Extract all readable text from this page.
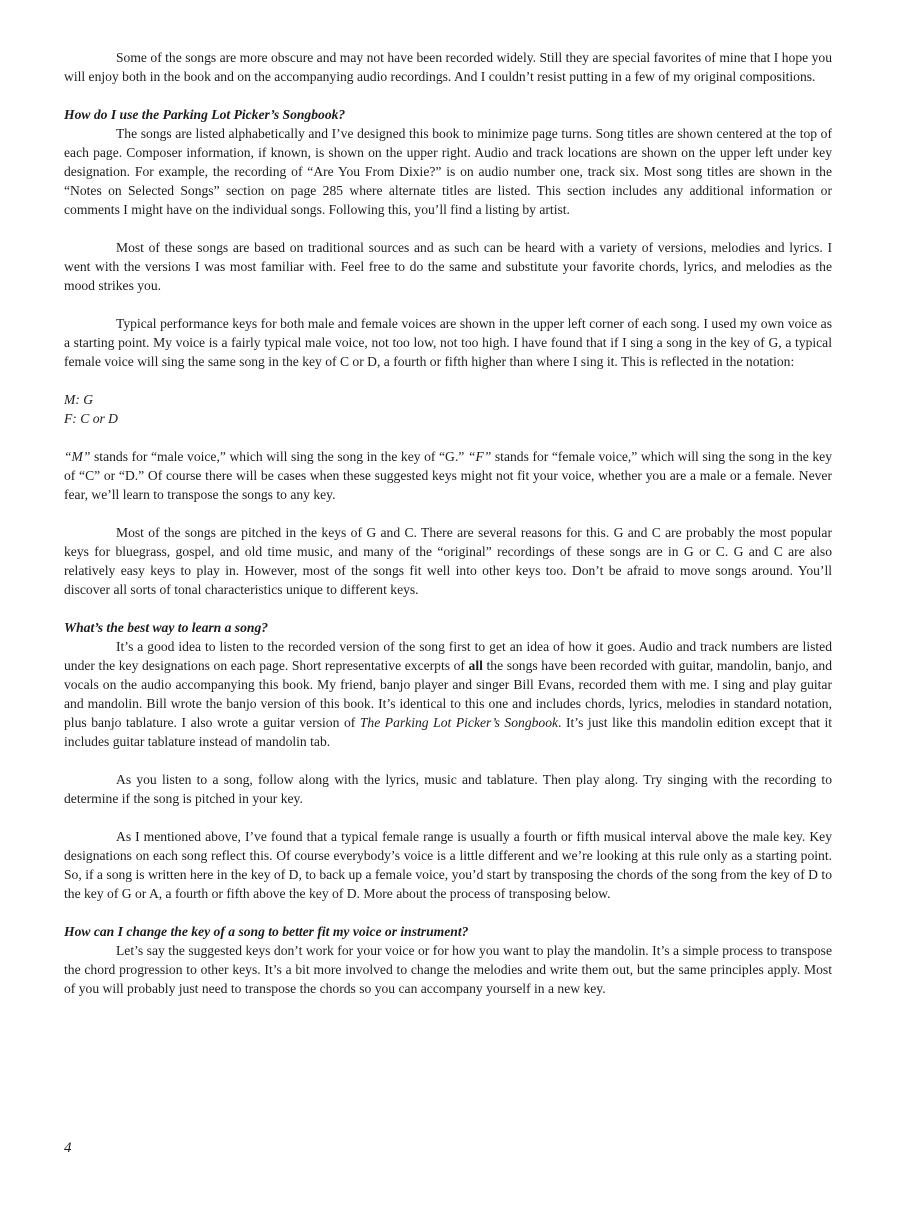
Some of the songs are more obscure and may not have been recorded widely. Still they are special favorites of mine that I hope you will enjoy both in the book and on the accompanying audio recordings. And I couldn’t resist putting in a few of my original compositions.

How do I use the Parking Lot Picker’s Songbook?

The songs are listed alphabetically and I’ve designed this book to minimize page turns. Song titles are shown centered at the top of each page. Composer information, if known, is shown on the upper right. Audio and track locations are shown on the upper left under key designation. For example, the recording of “Are You From Dixie?” is on audio number one, track six. Most song titles are shown in the “Notes on Selected Songs” section on page 285 where alternate titles are listed. This section includes any additional information or comments I might have on the individual songs. Following this, you’ll find a listing by artist.

Most of these songs are based on traditional sources and as such can be heard with a variety of versions, melodies and lyrics. I went with the versions I was most familiar with. Feel free to do the same and substitute your favorite chords, lyrics, and melodies as the mood strikes you.

Typical performance keys for both male and female voices are shown in the upper left corner of each song. I used my own voice as a starting point. My voice is a fairly typical male voice, not too low, not too high. I have found that if I sing a song in the key of G, a typical female voice will sing the same song in the key of C or D, a fourth or fifth higher than where I sing it. This is reflected in the notation:

M: G
F: C or D

“M” stands for “male voice,” which will sing the song in the key of “G.” “F” stands for “female voice,” which will sing the song in the key of “C” or “D.” Of course there will be cases when these suggested keys might not fit your voice, whether you are a male or a female. Never fear, we’ll learn to transpose the songs to any key.

Most of the songs are pitched in the keys of G and C. There are several reasons for this. G and C are probably the most popular keys for bluegrass, gospel, and old time music, and many of the “original” recordings of these songs are in G or C. G and C are also relatively easy keys to play in. However, most of the songs fit well into other keys too. Don’t be afraid to move songs around. You’ll discover all sorts of tonal characteristics unique to different keys.

What’s the best way to learn a song?

It’s a good idea to listen to the recorded version of the song first to get an idea of how it goes. Audio and track numbers are listed under the key designations on each page. Short representative excerpts of all the songs have been recorded with guitar, mandolin, banjo, and vocals on the audio accompanying this book. My friend, banjo player and singer Bill Evans, recorded them with me. I sing and play guitar and mandolin. Bill wrote the banjo version of this book. It’s identical to this one and includes chords, lyrics, melodies in standard notation, plus banjo tablature. I also wrote a guitar version of The Parking Lot Picker’s Songbook. It’s just like this mandolin edition except that it includes guitar tablature instead of mandolin tab.

As you listen to a song, follow along with the lyrics, music and tablature. Then play along. Try singing with the recording to determine if the song is pitched in your key.

As I mentioned above, I’ve found that a typical female range is usually a fourth or fifth musical interval above the male key. Key designations on each song reflect this. Of course everybody’s voice is a little different and we’re looking at this rule only as a starting point. So, if a song is written here in the key of D, to back up a female voice, you’d start by transposing the chords of the song from the key of D to the key of G or A, a fourth or fifth above the key of D. More about the process of transposing below.

How can I change the key of a song to better fit my voice or instrument?

Let’s say the suggested keys don’t work for your voice or for how you want to play the mandolin. It’s a simple process to transpose the chord progression to other keys. It’s a bit more involved to change the melodies and write them out, but the same principles apply. Most of you will probably just need to transpose the chords so you can accompany yourself in a new key.

4
